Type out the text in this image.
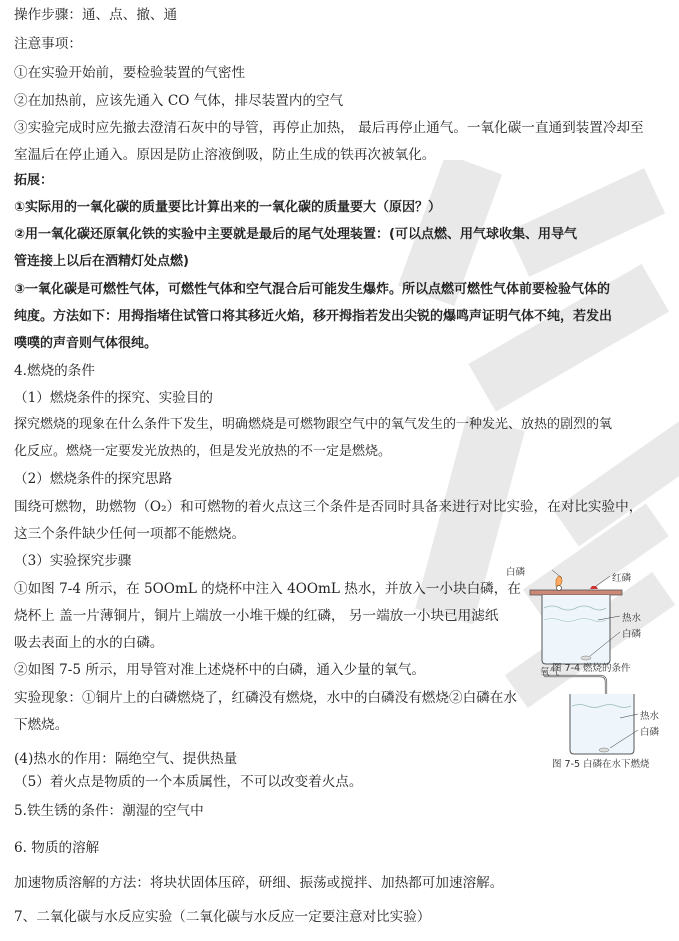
操作步骤：通、点、撤、通
注意事项：
①在实验开始前，要检验装置的气密性
②在加热前，应该先通入 CO 气体，排尽装置内的空气
③实验完成时应先撤去澄清石灰中的导管，再停止加热， 最后再停止通气。一氧化碳一直通到装置冷却至
室温后在停止通入。原因是防止溶液倒吸，防止生成的铁再次被氧化。
拓展：
①实际用的一氧化碳的质量要比计算出来的一氧化碳的质量要大（原因？）
②用一氧化碳还原氧化铁的实验中主要就是最后的尾气处理装置：(可以点燃、用气球收集、用导气
管连接上以后在酒精灯处点燃)
③一氧化碳是可燃性气体，可燃性气体和空气混合后可能发生爆炸。所以点燃可燃性气体前要检验气体的
纯度。方法如下：用拇指堵住试管口将其移近火焰，移开拇指若发出尖锐的爆鸣声证明气体不纯，若发出
噗噗的声音则气体很纯。
4.燃烧的条件
（1）燃烧条件的探究、实验目的
探究燃烧的现象在什么条件下发生，明确燃烧是可燃物跟空气中的氧气发生的一种发光、放热的剧烈的氧
化反应。燃烧一定要发光放热的，但是发光放热的不一定是燃烧。
（2）燃烧条件的探究思路
围绕可燃物，助燃物（O₂）和可燃物的着火点这三个条件是否同时具备来进行对比实验，在对比实验中，
这三个条件缺少任何一项都不能燃烧。
（3）实验探究步骤
①如图 7-4 所示，在 5OOmL 的烧杯中注入 4OOmL 热水，并放入一小块白磷，在
烧杯上 盖一片薄铜片，铜片上端放一小堆干燥的红磷， 另一端放一小块已用滤纸
吸去表面上的水的白磷。
②如图 7-5 所示，用导管对准上述烧杯中的白磷，通入少量的氧气。
实验现象：①铜片上的白磷燃烧了，红磷没有燃烧，水中的白磷没有燃烧②白磷在水
下燃烧。
(4)热水的作用：隔绝空气、提供热量
（5）着火点是物质的一个本质属性，不可以改变着火点。
5.铁生锈的条件：潮湿的空气中
6. 物质的溶解
加速物质溶解的方法：将块状固体压碎，研细、振荡或搅拌、加热都可加速溶解。
7、二氧化碳与水反应实验（二氧化碳与水反应一定要注意对比实验）
白磷
红磷
热水
白磷
图 7-4 燃烧的条件
氧气
热水
白磷
图 7-5 白磷在水下燃烧
